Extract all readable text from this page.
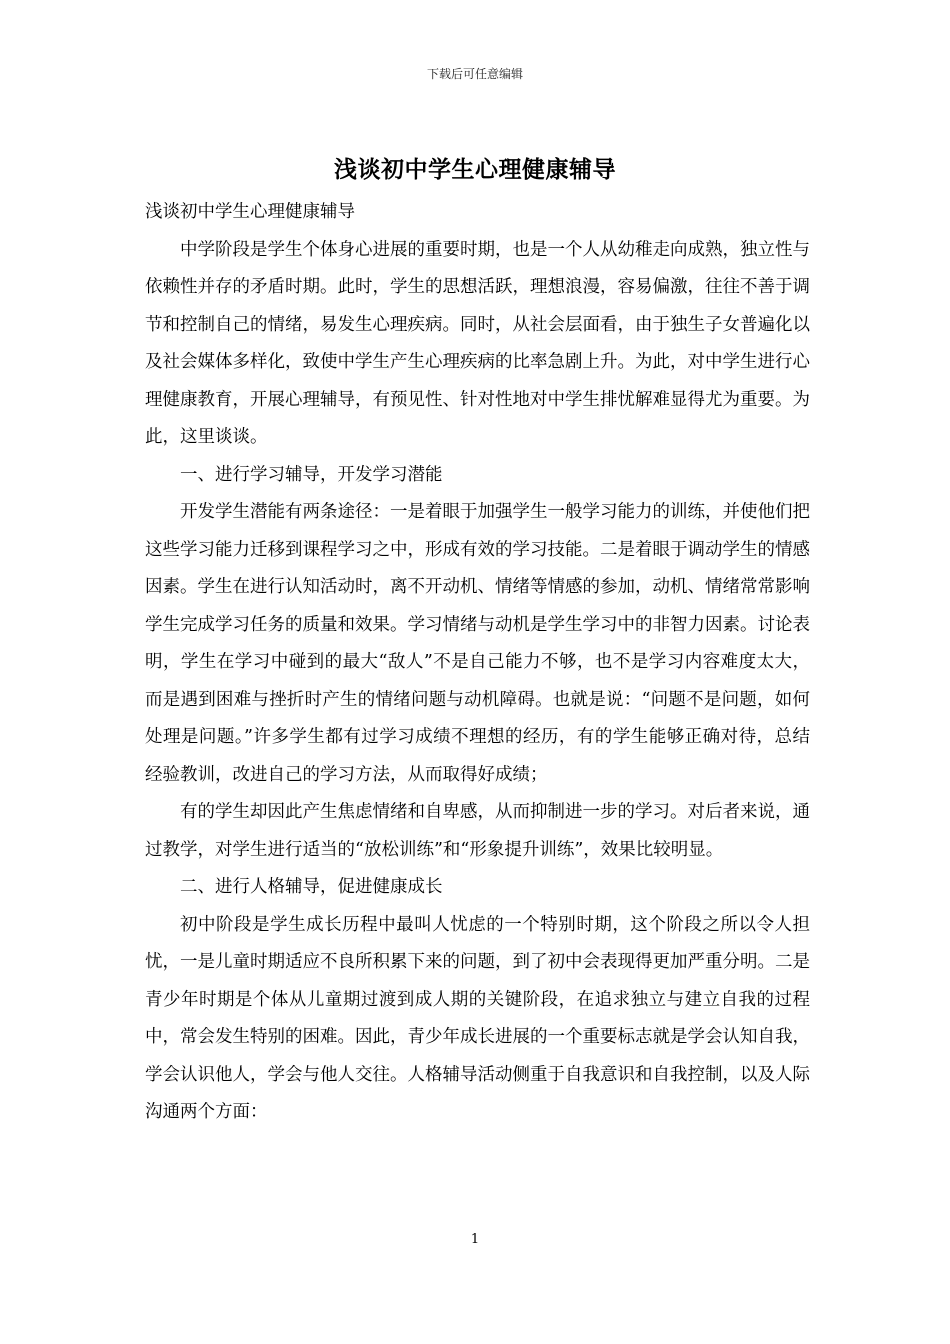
下载后可任意编辑
浅谈初中学生心理健康辅导

浅谈初中学生心理健康辅导

中学阶段是学生个体身心进展的重要时期，也是一个人从幼稚走向成熟，独立性与依赖性并存的矛盾时期。此时，学生的思想活跃，理想浪漫，容易偏激，往往不善于调节和控制自己的情绪，易发生心理疾病。同时，从社会层面看，由于独生子女普遍化以及社会媒体多样化，致使中学生产生心理疾病的比率急剧上升。为此，对中学生进行心理健康教育，开展心理辅导，有预见性、针对性地对中学生排忧解难显得尤为重要。为此，这里谈谈。

一、进行学习辅导，开发学习潜能

开发学生潜能有两条途径：一是着眼于加强学生一般学习能力的训练，并使他们把这些学习能力迁移到课程学习之中，形成有效的学习技能。二是着眼于调动学生的情感因素。学生在进行认知活动时，离不开动机、情绪等情感的参加，动机、情绪常常影响学生完成学习任务的质量和效果。学习情绪与动机是学生学习中的非智力因素。讨论表明，学生在学习中碰到的最大“敌人”不是自己能力不够，也不是学习内容难度太大，而是遇到困难与挫折时产生的情绪问题与动机障碍。也就是说：“问题不是问题，如何处理是问题。”许多学生都有过学习成绩不理想的经历，有的学生能够正确对待，总结经验教训，改进自己的学习方法，从而取得好成绩；

有的学生却因此产生焦虑情绪和自卑感，从而抑制进一步的学习。对后者来说，通过教学，对学生进行适当的“放松训练”和“形象提升训练”，效果比较明显。

二、进行人格辅导，促进健康成长

初中阶段是学生成长历程中最叫人忧虑的一个特别时期，这个阶段之所以令人担忧，一是儿童时期适应不良所积累下来的问题，到了初中会表现得更加严重分明。二是青少年时期是个体从儿童期过渡到成人期的关键阶段，在追求独立与建立自我的过程中，常会发生特别的困难。因此，青少年成长进展的一个重要标志就是学会认知自我，学会认识他人，学会与他人交往。人格辅导活动侧重于自我意识和自我控制，以及人际沟通两个方面：

1
